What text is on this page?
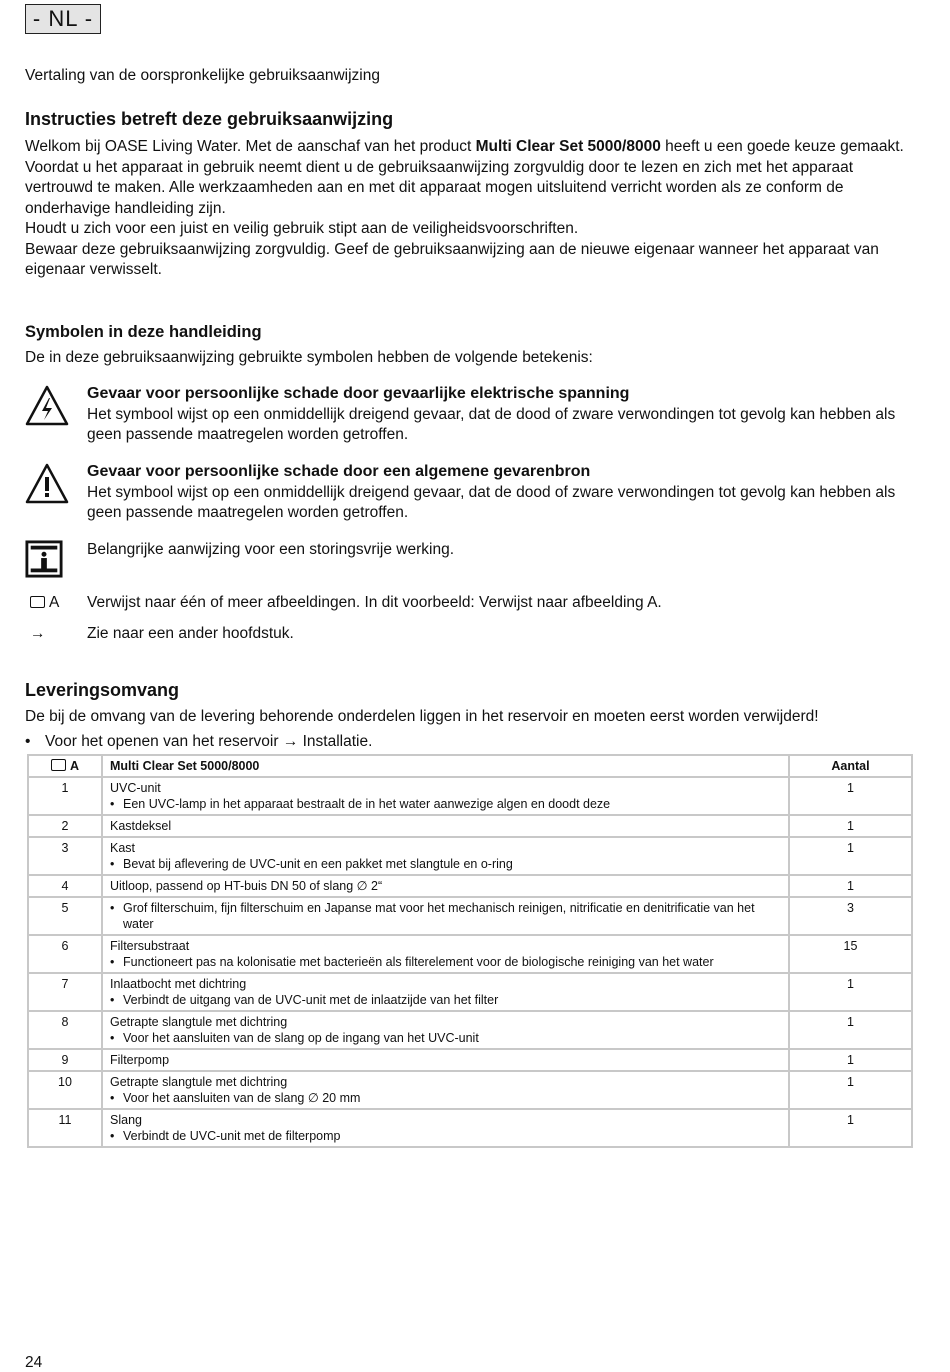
- NL -
Vertaling van de oorspronkelijke gebruiksaanwijzing
Instructies betreft deze gebruiksaanwijzing

Welkom bij OASE Living Water. Met de aanschaf van het product Multi Clear Set 5000/8000 heeft u een goede keuze gemaakt.

Voordat u het apparaat in gebruik neemt dient u de gebruiksaanwijzing zorgvuldig door te lezen en zich met het apparaat vertrouwd te maken. Alle werkzaamheden aan en met dit apparaat mogen uitsluitend verricht worden als ze conform de onderhavige handleiding zijn.

Houdt u zich voor een juist en veilig gebruik stipt aan de veiligheidsvoorschriften.

Bewaar deze gebruiksaanwijzing zorgvuldig. Geef de gebruiksaanwijzing aan de nieuwe eigenaar wanneer het apparaat van eigenaar verwisselt.

Symbolen in deze handleiding
De in deze gebruiksaanwijzing gebruikte symbolen hebben de volgende betekenis:
Gevaar voor persoonlijke schade door gevaarlijke elektrische spanning
Het symbool wijst op een onmiddellijk dreigend gevaar, dat de dood of zware verwondingen tot gevolg kan hebben als geen passende maatregelen worden getroffen.
Gevaar voor persoonlijke schade door een algemene gevarenbron
Het symbool wijst op een onmiddellijk dreigend gevaar, dat de dood of zware verwondingen tot gevolg kan hebben als geen passende maatregelen worden getroffen.
Belangrijke aanwijzing voor een storingsvrije werking.
A Verwijst naar één of meer afbeeldingen. In dit voorbeeld: Verwijst naar afbeelding A.
→	Zie naar een ander hoofdstuk.
Leveringsomvang
De bij de omvang van de levering behorende onderdelen liggen in het reservoir en moeten eerst worden verwijderd!
• Voor het openen van het reservoir → Installatie.
A	Multi Clear Set 5000/8000	Aantal
1	UVC-unit
• Een UVC-lamp in het apparaat bestraalt de in het water aanwezige algen en doodt deze	1
2	Kastdeksel	1
3	Kast
• Bevat bij aflevering de UVC-unit en een pakket met slangtule en o-ring	1
4	Uitloop, passend op HT-buis DN 50 of slang ∅ 2“	1
5	• Grof filterschuim, fijn filterschuim en Japanse mat voor het mechanisch reinigen, nitrificatie en denitrificatie van het water	3
6	Filtersubstraat
• Functioneert pas na kolonisatie met bacterieën als filterelement voor de biologische reiniging van het water	15
7	Inlaatbocht met dichtring
• Verbindt de uitgang van de UVC-unit met de inlaatzijde van het filter	1
8	Getrapte slangtule met dichtring
• Voor het aansluiten van de slang op de ingang van het UVC-unit	1
9	Filterpomp	1
10	Getrapte slangtule met dichtring
• Voor het aansluiten van de slang ∅ 20 mm	1
11	Slang
• Verbindt de UVC-unit met de filterpomp	1
24
